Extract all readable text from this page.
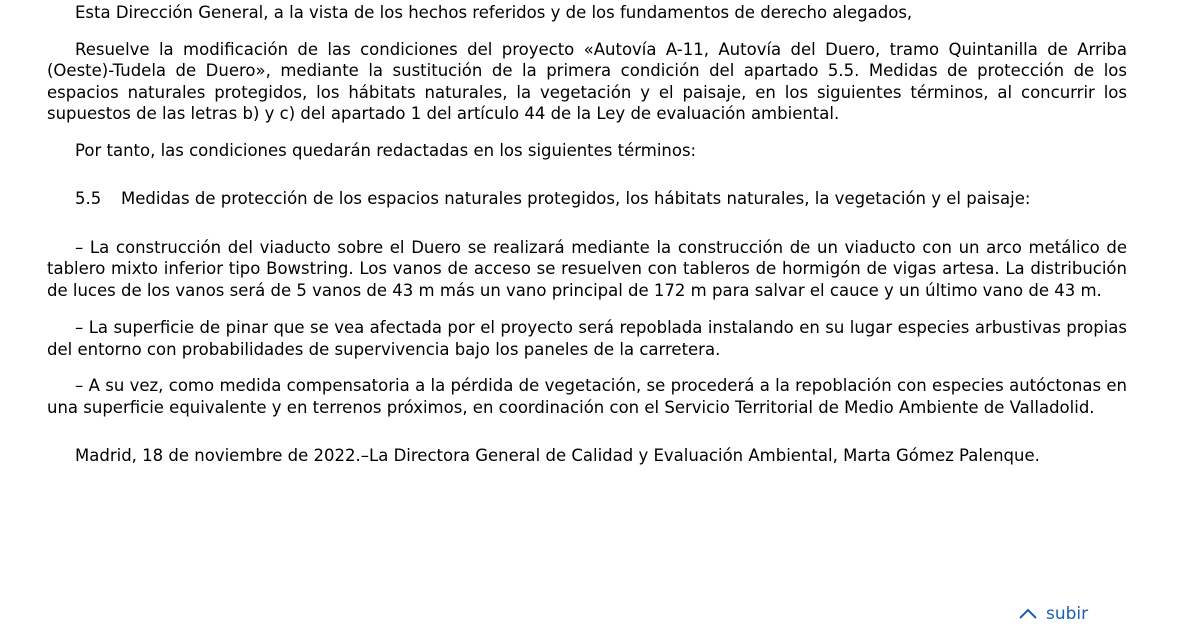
Esta Dirección General, a la vista de los hechos referidos y de los fundamentos de derecho alegados,

Resuelve la modificación de las condiciones del proyecto «Autovía A-11, Autovía del Duero, tramo Quintanilla de Arriba (Oeste)-Tudela de Duero», mediante la sustitución de la primera condición del apartado 5.5. Medidas de protección de los espacios naturales protegidos, los hábitats naturales, la vegetación y el paisaje, en los siguientes términos, al concurrir los supuestos de las letras b) y c) del apartado 1 del artículo 44 de la Ley de evaluación ambiental.

Por tanto, las condiciones quedarán redactadas en los siguientes términos:

5.5 Medidas de protección de los espacios naturales protegidos, los hábitats naturales, la vegetación y el paisaje:

– La construcción del viaducto sobre el Duero se realizará mediante la construcción de un viaducto con un arco metálico de tablero mixto inferior tipo Bowstring. Los vanos de acceso se resuelven con tableros de hormigón de vigas artesa. La distribución de luces de los vanos será de 5 vanos de 43 m más un vano principal de 172 m para salvar el cauce y un último vano de 43 m.

– La superficie de pinar que se vea afectada por el proyecto será repoblada instalando en su lugar especies arbustivas propias del entorno con probabilidades de supervivencia bajo los paneles de la carretera.

– A su vez, como medida compensatoria a la pérdida de vegetación, se procederá a la repoblación con especies autóctonas en una superficie equivalente y en terrenos próximos, en coordinación con el Servicio Territorial de Medio Ambiente de Valladolid.

Madrid, 18 de noviembre de 2022.–La Directora General de Calidad y Evaluación Ambiental, Marta Gómez Palenque.

subir
